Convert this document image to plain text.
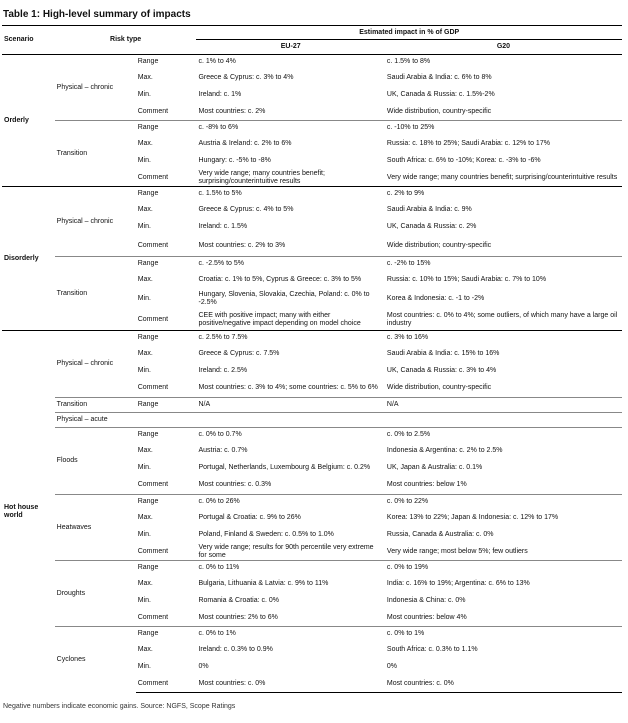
Table 1: High-level summary of impacts
Scenario	Risk type		Estimated impact in % of GDP	
			EU-27	G20
Orderly	Physical – chronic	Range	c. 1% to 4%	c. 1.5% to 8%
		Max.	Greece & Cyprus: c. 3% to 4%	Saudi Arabia & India: c. 6% to 8%
		Min.	Ireland: c. 1%	UK, Canada & Russia: c. 1.5%-2%
		Comment	Most countries: c. 2%	Wide distribution, country-specific
	Transition	Range	c. -8% to 6%	c. -10% to 25%
		Max.	Austria & Ireland: c. 2% to 6%	Russia: c. 18% to 25%; Saudi Arabia: c. 12% to 17%
		Min.	Hungary: c. -5% to -8%	South Africa: c. 6% to -10%; Korea: c. -3% to -6%
		Comment	Very wide range; many countries benefit; surprising/counterintuitive results	Very wide range; many countries benefit; surprising/counterintuitive results
Disorderly	Physical – chronic	Range	c. 1.5% to 5%	c. 2% to 9%
		Max.	Greece & Cyprus: c. 4% to 5%	Saudi Arabia & India: c. 9%
		Min.	Ireland: c. 1.5%	UK, Canada & Russia: c. 2%
		Comment	Most countries: c. 2% to 3%	Wide distribution; country-specific
	Transition	Range	c. -2.5% to 5%	c. -2% to 15%
		Max.	Croatia: c. 1% to 5%, Cyprus & Greece: c. 3% to 5%	Russia: c. 10% to 15%; Saudi Arabia: c. 7% to 10%
		Min.	Hungary, Slovenia, Slovakia, Czechia, Poland: c. 0% to -2.5%	Korea & Indonesia: c. -1 to -2%
		Comment	CEE with positive impact; many with either positive/negative impact depending on model choice	Most countries: c. 0% to 4%; some outliers, of which many have a large oil industry
Hot house world	Physical – chronic	Range	c. 2.5% to 7.5%	c. 3% to 16%
		Max.	Greece & Cyprus: c. 7.5%	Saudi Arabia & India: c. 15% to 16%
		Min.	Ireland: c. 2.5%	UK, Canada & Russia: c. 3% to 4%
		Comment	Most countries: c. 3% to 4%; some countries: c. 5% to 6%	Wide distribution, country-specific
	Transition	Range	N/A	N/A
	Physical – acute			
	Floods	Range	c. 0% to 0.7%	c. 0% to 2.5%
		Max.	Austria: c. 0.7%	Indonesia & Argentina: c. 2% to 2.5%
		Min.	Portugal, Netherlands, Luxembourg & Belgium: c. 0.2%	UK, Japan & Australia: c. 0.1%
		Comment	Most countries: c. 0.3%	Most countries: below 1%
	Heatwaves	Range	c. 0% to 26%	c. 0% to 22%
		Max.	Portugal & Croatia: c. 9% to 26%	Korea: 13% to 22%; Japan & Indonesia: c. 12% to 17%
		Min.	Poland, Finland & Sweden: c. 0.5% to 1.0%	Russia, Canada & Australia: c. 0%
		Comment	Very wide range; results for 90th percentile very extreme for some	Very wide range; most below 5%; few outliers
	Droughts	Range	c. 0% to 11%	c. 0% to 19%
		Max.	Bulgaria, Lithuania & Latvia: c. 9% to 11%	India: c. 16% to 19%; Argentina: c. 6% to 13%
		Min.	Romania & Croatia: c. 0%	Indonesia & China: c. 0%
		Comment	Most countries: 2% to 6%	Most countries: below 4%
	Cyclones	Range	c. 0% to 1%	c. 0% to 1%
		Max.	Ireland: c. 0.3% to 0.9%	South Africa: c. 0.3% to 1.1%
		Min.	0%	0%
		Comment	Most countries: c. 0%	Most countries: c. 0%
Negative numbers indicate economic gains. Source: NGFS, Scope Ratings
